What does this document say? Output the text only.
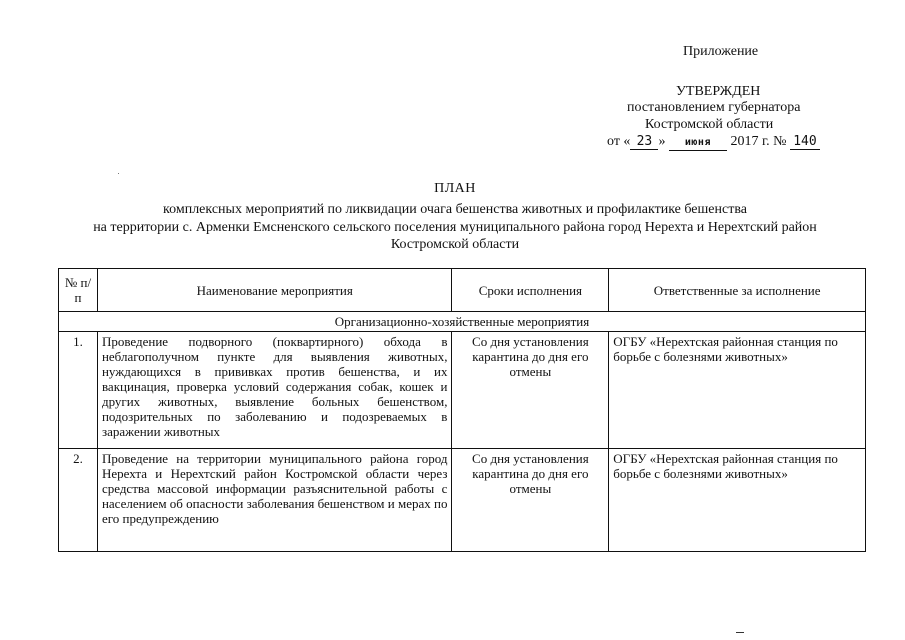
Приложение
УТВЕРЖДЕН
постановлением губернатора
Костромской области
от « 23 » июня 2017 г. № 140
ПЛАН
комплексных мероприятий по ликвидации очага бешенства животных и профилактике бешенства
на территории с. Арменки Емсненского сельского поселения муниципального района город Нерехта и Нерехтский район
Костромской области
№ п/п	Наименование мероприятия	Сроки исполнения	Ответственные за исполнение
Организационно-хозяйственные мероприятия			
1.	Проведение подворного (поквартирного) обхода в неблагополучном пункте для выявления животных, нуждающихся в прививках против бешенства, и их вакцинация, проверка условий содержания собак, кошек и других животных, выявление больных бешенством, подозрительных по заболеванию и подозреваемых в заражении животных	Со дня установления карантина до дня его отмены	ОГБУ «Нерехтская районная станция по борьбе с болезнями животных»
2.	Проведение на территории муниципального района город Нерехта и Нерехтский район Костромской области через средства массовой информации разъяснительной работы с населением об опасности заболевания бешенством и мерах по его предупреждению	Со дня установления карантина до дня его отмены	ОГБУ «Нерехтская районная станция по борьбе с болезнями животных»
